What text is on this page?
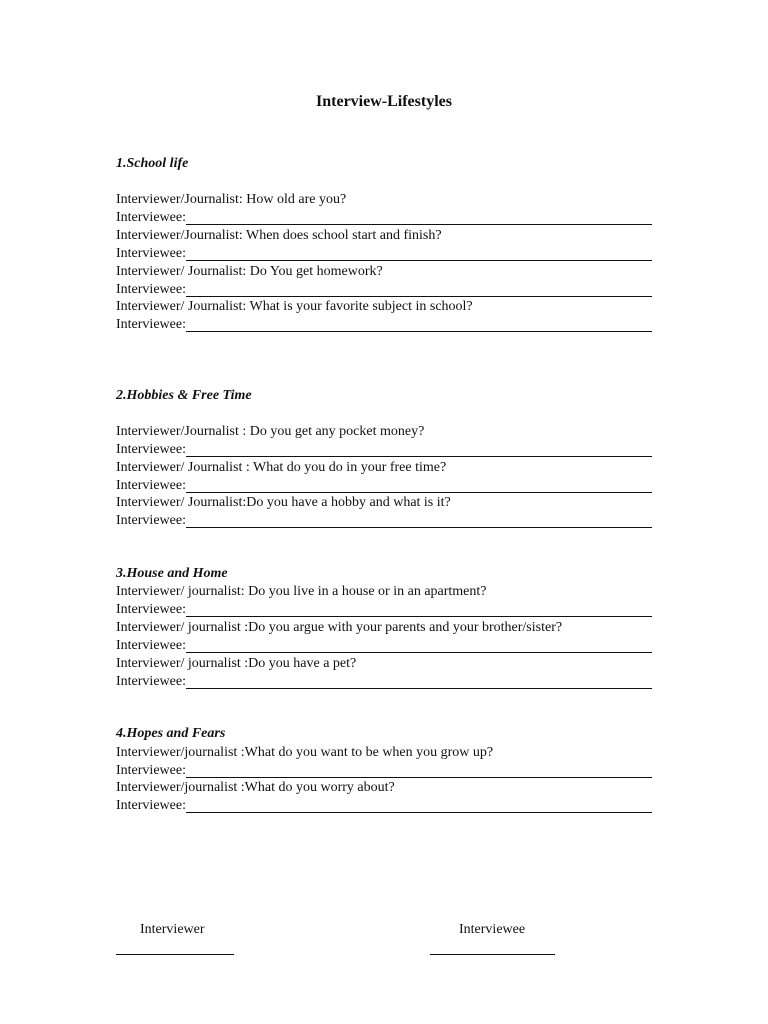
Interview-Lifestyles
1.School life
Interviewer/Journalist: How old are you?
Interviewee:
Interviewer/Journalist: When does school start and finish?
Interviewee:
Interviewer/ Journalist: Do You get homework?
Interviewee:
Interviewer/ Journalist: What is your favorite subject in school?
Interviewee:
2.Hobbies & Free Time
Interviewer/Journalist : Do you get any pocket money?
Interviewee:
Interviewer/ Journalist : What do you do in your free time?
Interviewee:
Interviewer/ Journalist:Do you have a hobby and what is it?
Interviewee:
3.House and Home
Interviewer/ journalist: Do you live in a house or in an apartment?
Interviewee:
Interviewer/ journalist :Do you argue with your parents and your brother/sister?
Interviewee:
Interviewer/ journalist :Do you have a pet?
Interviewee:
4.Hopes and Fears
Interviewer/journalist :What do you want to be when you grow up?
Interviewee:
Interviewer/journalist :What do you worry about?
Interviewee:
Interviewer	Interviewee
